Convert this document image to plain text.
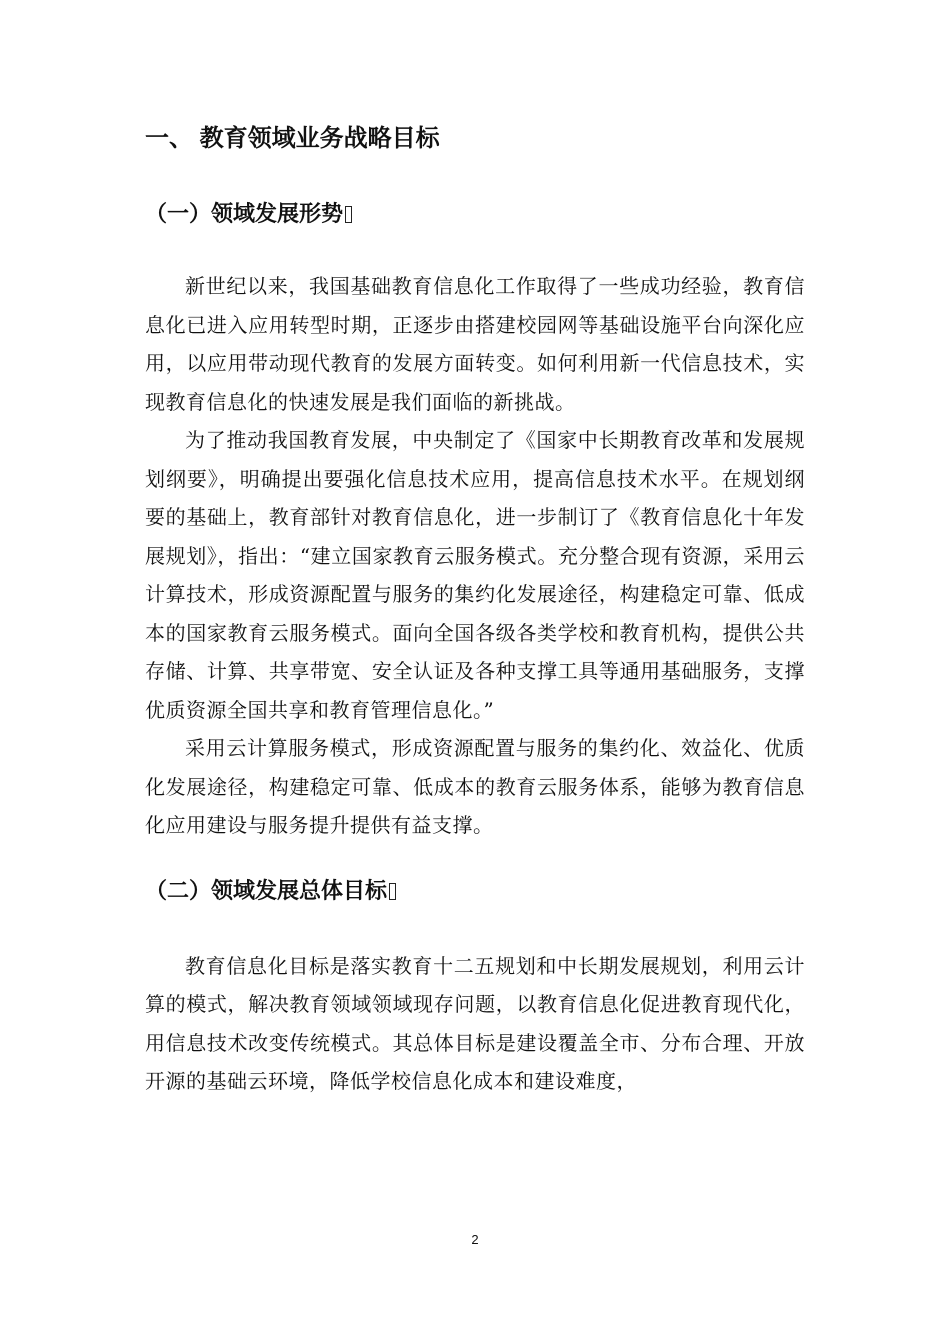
一、 教育领域业务战略目标
（一）领域发展形势

新世纪以来，我国基础教育信息化工作取得了一些成功经验，教育信息化已进入应用转型时期，正逐步由搭建校园网等基础设施平台向深化应用，以应用带动现代教育的发展方面转变。如何利用新一代信息技术，实现教育信息化的快速发展是我们面临的新挑战。

为了推动我国教育发展，中央制定了《国家中长期教育改革和发展规划纲要》，明确提出要强化信息技术应用，提高信息技术水平。在规划纲要的基础上，教育部针对教育信息化，进一步制订了《教育信息化十年发展规划》，指出：“建立国家教育云服务模式。充分整合现有资源，采用云计算技术，形成资源配置与服务的集约化发展途径，构建稳定可靠、低成本的国家教育云服务模式。面向全国各级各类学校和教育机构，提供公共存储、计算、共享带宽、安全认证及各种支撑工具等通用基础服务，支撑优质资源全国共享和教育管理信息化。”

采用云计算服务模式，形成资源配置与服务的集约化、效益化、优质化发展途径，构建稳定可靠、低成本的教育云服务体系，能够为教育信息化应用建设与服务提升提供有益支撑。

（二）领域发展总体目标

教育信息化目标是落实教育十二五规划和中长期发展规划，利用云计算的模式，解决教育领域领域现存问题，以教育信息化促进教育现代化，用信息技术改变传统模式。其总体目标是建设覆盖全市、分布合理、开放开源的基础云环境，降低学校信息化成本和建设难度，

2
